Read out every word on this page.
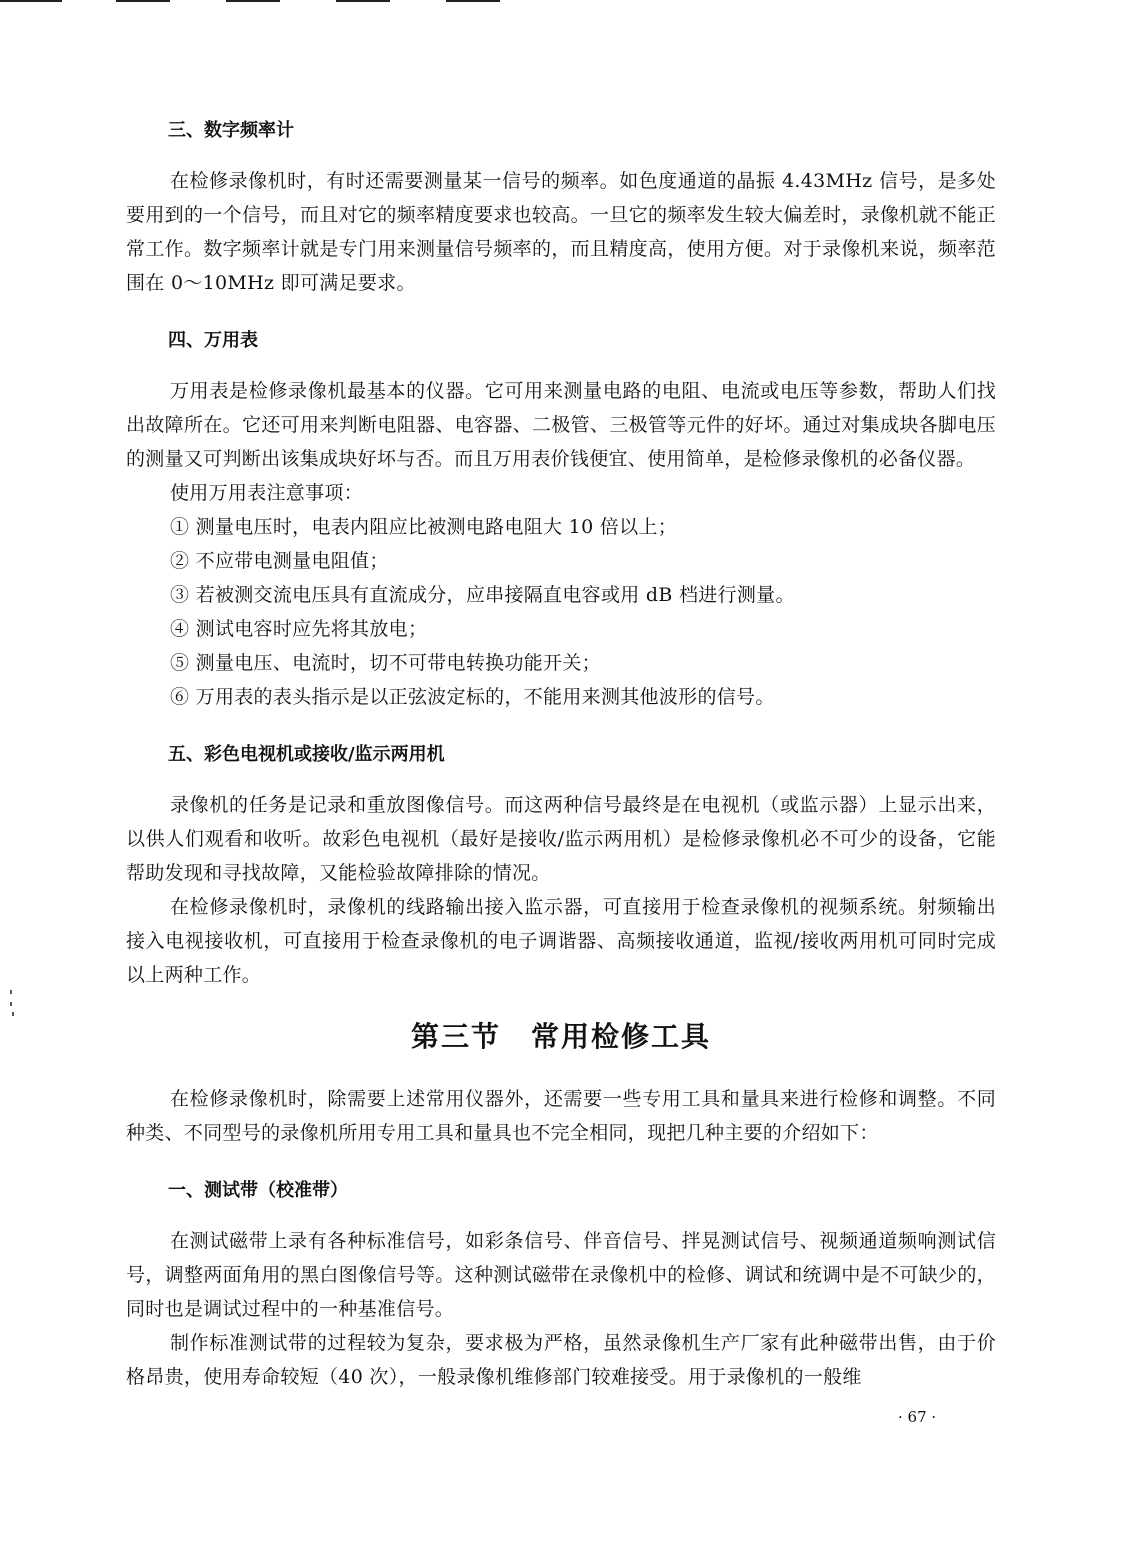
三、数字频率计

在检修录像机时，有时还需要测量某一信号的频率。如色度通道的晶振 4.43MHz 信号，是多处要用到的一个信号，而且对它的频率精度要求也较高。一旦它的频率发生较大偏差时，录像机就不能正常工作。数字频率计就是专门用来测量信号频率的，而且精度高，使用方便。对于录像机来说，频率范围在 0～10MHz 即可满足要求。

四、万用表

万用表是检修录像机最基本的仪器。它可用来测量电路的电阻、电流或电压等参数，帮助人们找出故障所在。它还可用来判断电阻器、电容器、二极管、三极管等元件的好坏。通过对集成块各脚电压的测量又可判断出该集成块好坏与否。而且万用表价钱便宜、使用简单，是检修录像机的必备仪器。

使用万用表注意事项：

① 测量电压时，电表内阻应比被测电路电阻大 10 倍以上；

② 不应带电测量电阻值；

③ 若被测交流电压具有直流成分，应串接隔直电容或用 dB 档进行测量。

④ 测试电容时应先将其放电；

⑤ 测量电压、电流时，切不可带电转换功能开关；

⑥ 万用表的表头指示是以正弦波定标的，不能用来测其他波形的信号。

五、彩色电视机或接收/监示两用机

录像机的任务是记录和重放图像信号。而这两种信号最终是在电视机（或监示器）上显示出来，以供人们观看和收听。故彩色电视机（最好是接收/监示两用机）是检修录像机必不可少的设备，它能帮助发现和寻找故障，又能检验故障排除的情况。

在检修录像机时，录像机的线路输出接入监示器，可直接用于检查录像机的视频系统。射频输出接入电视接收机，可直接用于检查录像机的电子调谐器、高频接收通道，监视/接收两用机可同时完成以上两种工作。

第三节　常用检修工具

在检修录像机时，除需要上述常用仪器外，还需要一些专用工具和量具来进行检修和调整。不同种类、不同型号的录像机所用专用工具和量具也不完全相同，现把几种主要的介绍如下：

一、测试带（校准带）

在测试磁带上录有各种标准信号，如彩条信号、伴音信号、拌晃测试信号、视频通道频响测试信号，调整两面角用的黑白图像信号等。这种测试磁带在录像机中的检修、调试和统调中是不可缺少的，同时也是调试过程中的一种基准信号。

制作标准测试带的过程较为复杂，要求极为严格，虽然录像机生产厂家有此种磁带出售，由于价格昂贵，使用寿命较短（40 次），一般录像机维修部门较难接受。用于录像机的一般维

· 67 ·
